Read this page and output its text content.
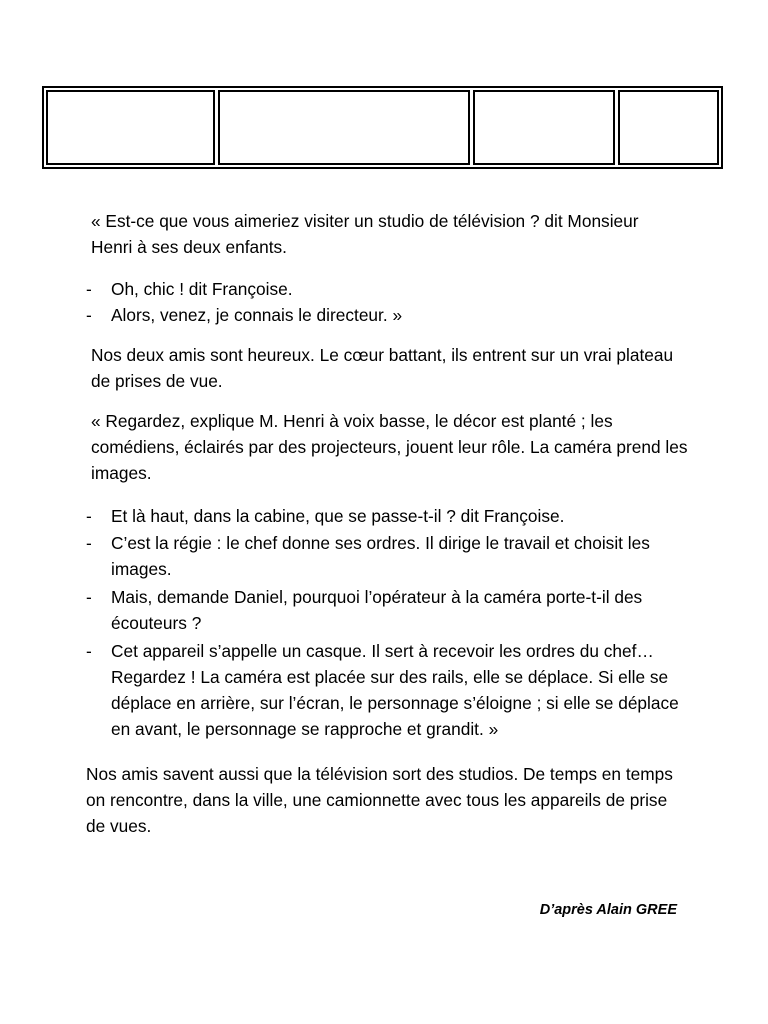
« Est-ce que vous aimeriez visiter un studio de télévision ? dit Monsieur Henri à ses deux enfants.

- Oh, chic ! dit Françoise.
- Alors, venez, je connais le directeur. »

Nos deux amis sont heureux. Le cœur battant, ils entrent sur un vrai plateau de prises de vue.

« Regardez, explique M. Henri à voix basse, le décor est planté ; les comédiens, éclairés par des projecteurs, jouent leur rôle. La caméra prend les images.

- Et là haut, dans la cabine, que se passe-t-il ? dit Françoise.
- C’est la régie : le chef donne ses ordres. Il dirige le travail et choisit les images.
- Mais, demande Daniel, pourquoi l’opérateur à la caméra porte-t-il des écouteurs ?
- Cet appareil s’appelle un casque. Il sert à recevoir les ordres du chef… Regardez ! La caméra est placée sur des rails, elle se déplace. Si elle se déplace en arrière, sur l’écran, le personnage s’éloigne ; si elle se déplace en avant, le personnage se rapproche et grandit. »

Nos amis savent aussi que la télévision sort des studios. De temps en temps on rencontre, dans la ville, une camionnette avec tous les appareils de prise de vues.

D’après Alain GREE
